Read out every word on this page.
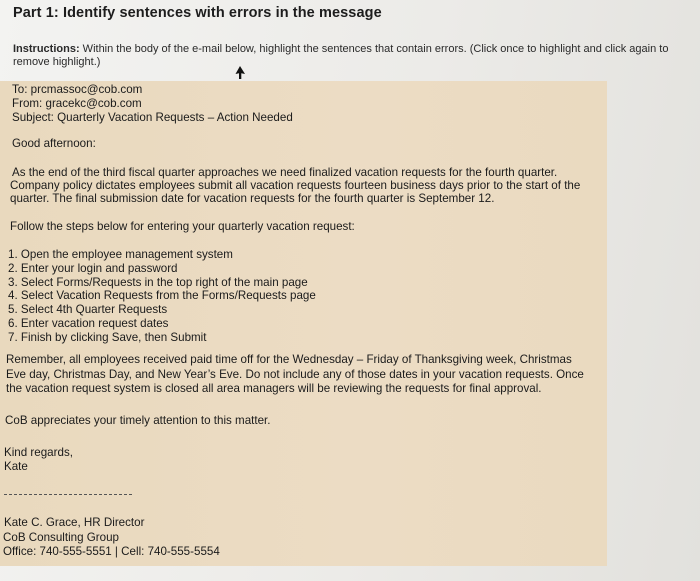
Part 1: Identify sentences with errors in the message
Instructions: Within the body of the e-mail below, highlight the sentences that contain errors. (Click once to highlight and click again to remove highlight.)
To: prcmassoc@cob.com
From: gracekc@cob.com
Subject: Quarterly Vacation Requests – Action Needed
Good afternoon:
As the end of the third fiscal quarter approaches we need finalized vacation requests for the fourth quarter.
Company policy dictates employees submit all vacation requests fourteen business days prior to the start of the
quarter. The final submission date for vacation requests for the fourth quarter is September 12.
Follow the steps below for entering your quarterly vacation request:
1. Open the employee management system
2. Enter your login and password
3. Select Forms/Requests in the top right of the main page
4. Select Vacation Requests from the Forms/Requests page
5. Select 4th Quarter Requests
6. Enter vacation request dates
7. Finish by clicking Save, then Submit
Remember, all employees received paid time off for the Wednesday – Friday of Thanksgiving week, Christmas
Eve day, Christmas Day, and New Year’s Eve. Do not include any of those dates in your vacation requests. Once
the vacation request system is closed all area managers will be reviewing the requests for final approval.
CoB appreciates your timely attention to this matter.
Kind regards,
Kate
Kate C. Grace, HR Director
CoB Consulting Group
Office: 740-555-5551 | Cell: 740-555-5554
